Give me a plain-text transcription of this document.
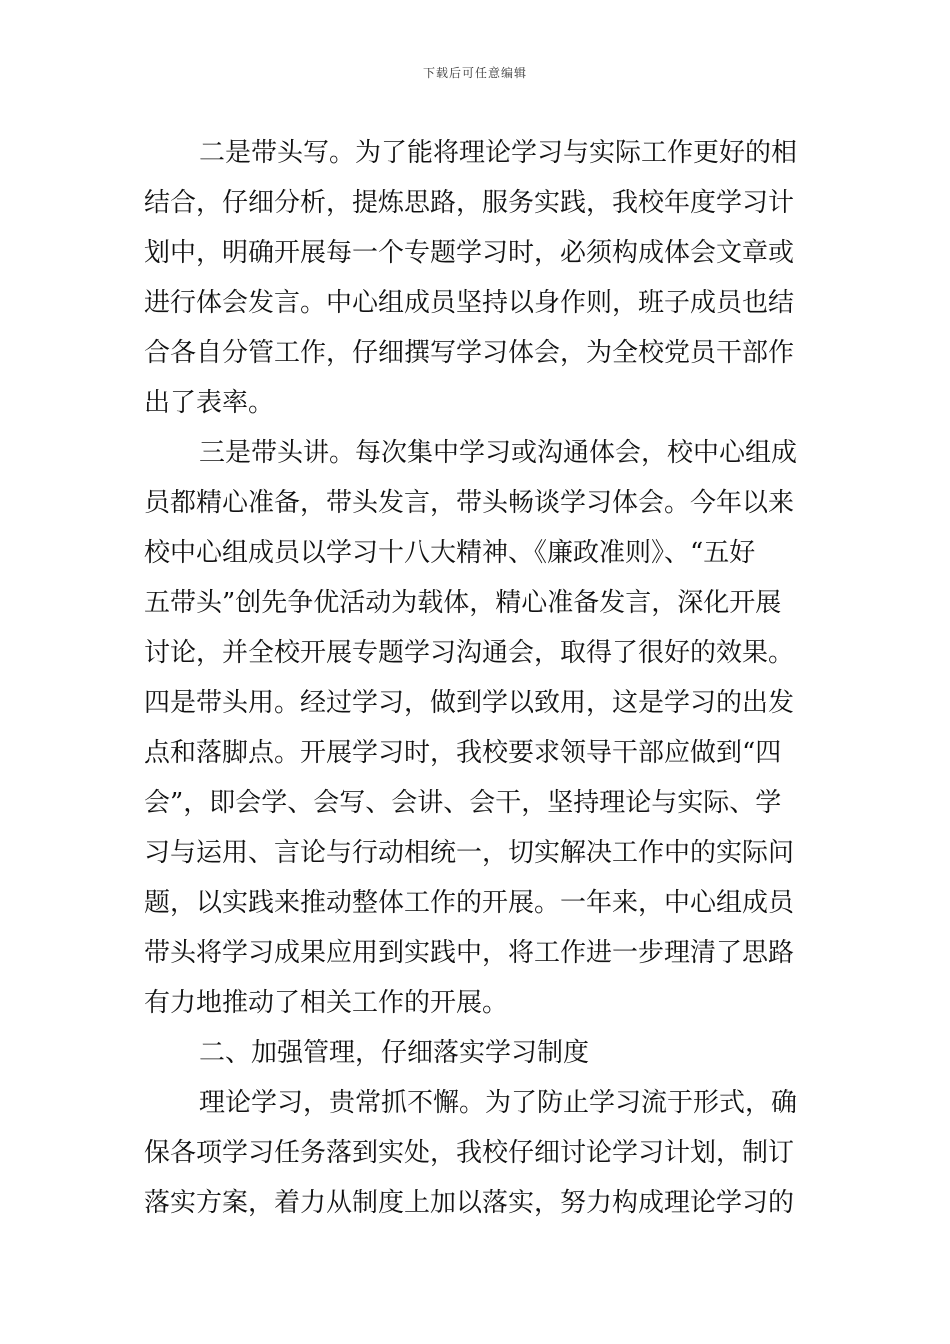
下载后可任意编辑
二是带头写。为了能将理论学习与实际工作更好的相
结合，仔细分析，提炼思路，服务实践，我校年度学习计
划中，明确开展每一个专题学习时，必须构成体会文章或
进行体会发言。中心组成员坚持以身作则，班子成员也结
合各自分管工作，仔细撰写学习体会，为全校党员干部作
出了表率。
三是带头讲。每次集中学习或沟通体会，校中心组成
员都精心准备，带头发言，带头畅谈学习体会。今年以来
校中心组成员以学习十八大精神、《廉政准则》、“五好
五带头”创先争优活动为载体，精心准备发言，深化开展
讨论，并全校开展专题学习沟通会，取得了很好的效果。
四是带头用。经过学习，做到学以致用，这是学习的出发
点和落脚点。开展学习时，我校要求领导干部应做到“四
会”，即会学、会写、会讲、会干，坚持理论与实际、学
习与运用、言论与行动相统一，切实解决工作中的实际问
题，以实践来推动整体工作的开展。一年来，中心组成员
带头将学习成果应用到实践中，将工作进一步理清了思路
有力地推动了相关工作的开展。
二、加强管理，仔细落实学习制度
理论学习，贵常抓不懈。为了防止学习流于形式，确
保各项学习任务落到实处，我校仔细讨论学习计划，制订
落实方案，着力从制度上加以落实，努力构成理论学习的
